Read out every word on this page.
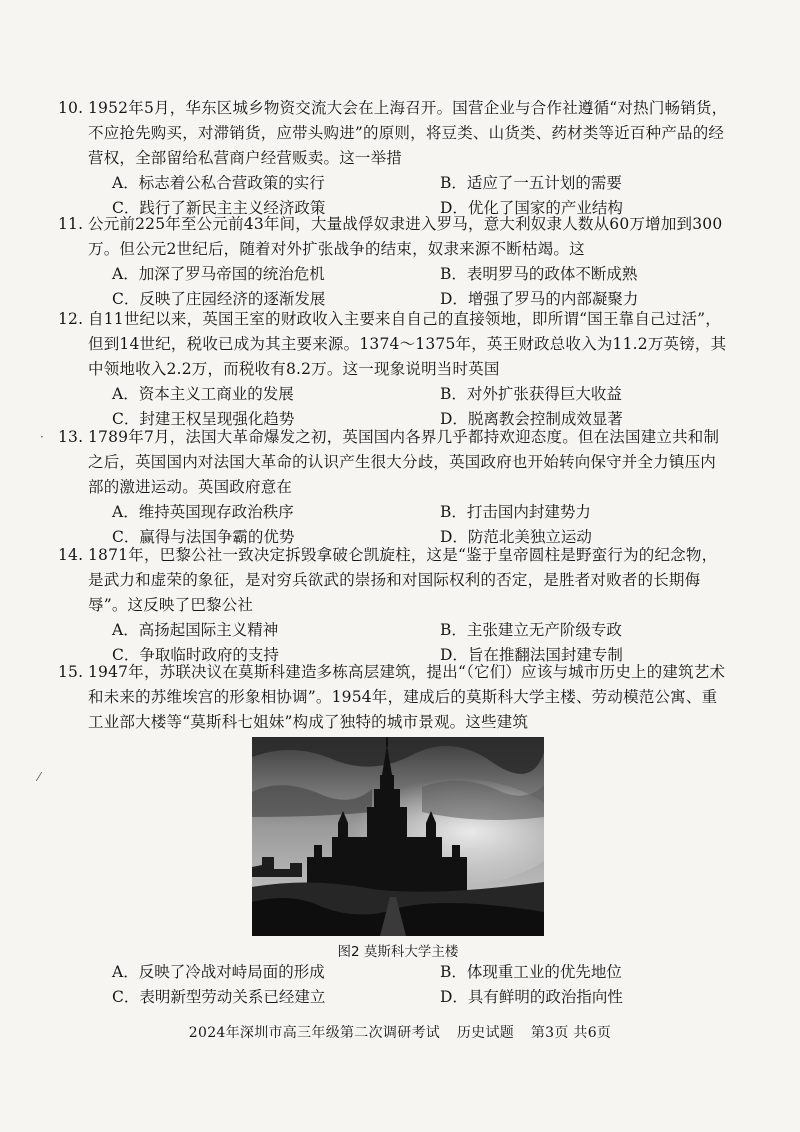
10. 1952年5月，华东区城乡物资交流大会在上海召开。国营企业与合作社遵循“对热门畅销货，不应抢先购买，对滞销货，应带头购进”的原则，将豆类、山货类、药材类等近百种产品的经营权，全部留给私营商户经营贩卖。这一举措
A．标志着公私合营政策的实行	B．适应了一五计划的需要
C．践行了新民主主义经济政策	D．优化了国家的产业结构
11. 公元前225年至公元前43年间，大量战俘奴隶进入罗马，意大利奴隶人数从60万增加到300万。但公元2世纪后，随着对外扩张战争的结束，奴隶来源不断枯竭。这
A．加深了罗马帝国的统治危机	B．表明罗马的政体不断成熟
C．反映了庄园经济的逐渐发展	D．增强了罗马的内部凝聚力
12. 自11世纪以来，英国王室的财政收入主要来自自己的直接领地，即所谓“国王靠自己过活”，但到14世纪，税收已成为其主要来源。1374～1375年，英王财政总收入为11.2万英镑，其中领地收入2.2万，而税收有8.2万。这一现象说明当时英国
A．资本主义工商业的发展	B．对外扩张获得巨大收益
C．封建王权呈现强化趋势	D．脱离教会控制成效显著
13. 1789年7月，法国大革命爆发之初，英国国内各界几乎都持欢迎态度。但在法国建立共和制之后，英国国内对法国大革命的认识产生很大分歧，英国政府也开始转向保守并全力镇压内部的激进运动。英国政府意在
A．维持英国现存政治秩序	B．打击国内封建势力
C．赢得与法国争霸的优势	D．防范北美独立运动
14. 1871年，巴黎公社一致决定拆毁拿破仑凯旋柱，这是“鉴于皇帝圆柱是野蛮行为的纪念物，是武力和虚荣的象征，是对穷兵欲武的崇扬和对国际权利的否定，是胜者对败者的长期侮辱”。这反映了巴黎公社
A．高扬起国际主义精神	B．主张建立无产阶级专政
C．争取临时政府的支持	D．旨在推翻法国封建专制
15. 1947年，苏联决议在莫斯科建造多栋高层建筑，提出“（它们）应该与城市历史上的建筑艺术和未来的苏维埃宫的形象相协调”。1954年，建成后的莫斯科大学主楼、劳动模范公寓、重工业部大楼等“莫斯科七姐妹”构成了独特的城市景观。这些建筑
图2 莫斯科大学主楼
A．反映了冷战对峙局面的形成	B．体现重工业的优先地位
C．表明新型劳动关系已经建立	D．具有鲜明的政治指向性
2024年深圳市高三年级第二次调研考试 历史试题 第3页 共6页
·
⁄
